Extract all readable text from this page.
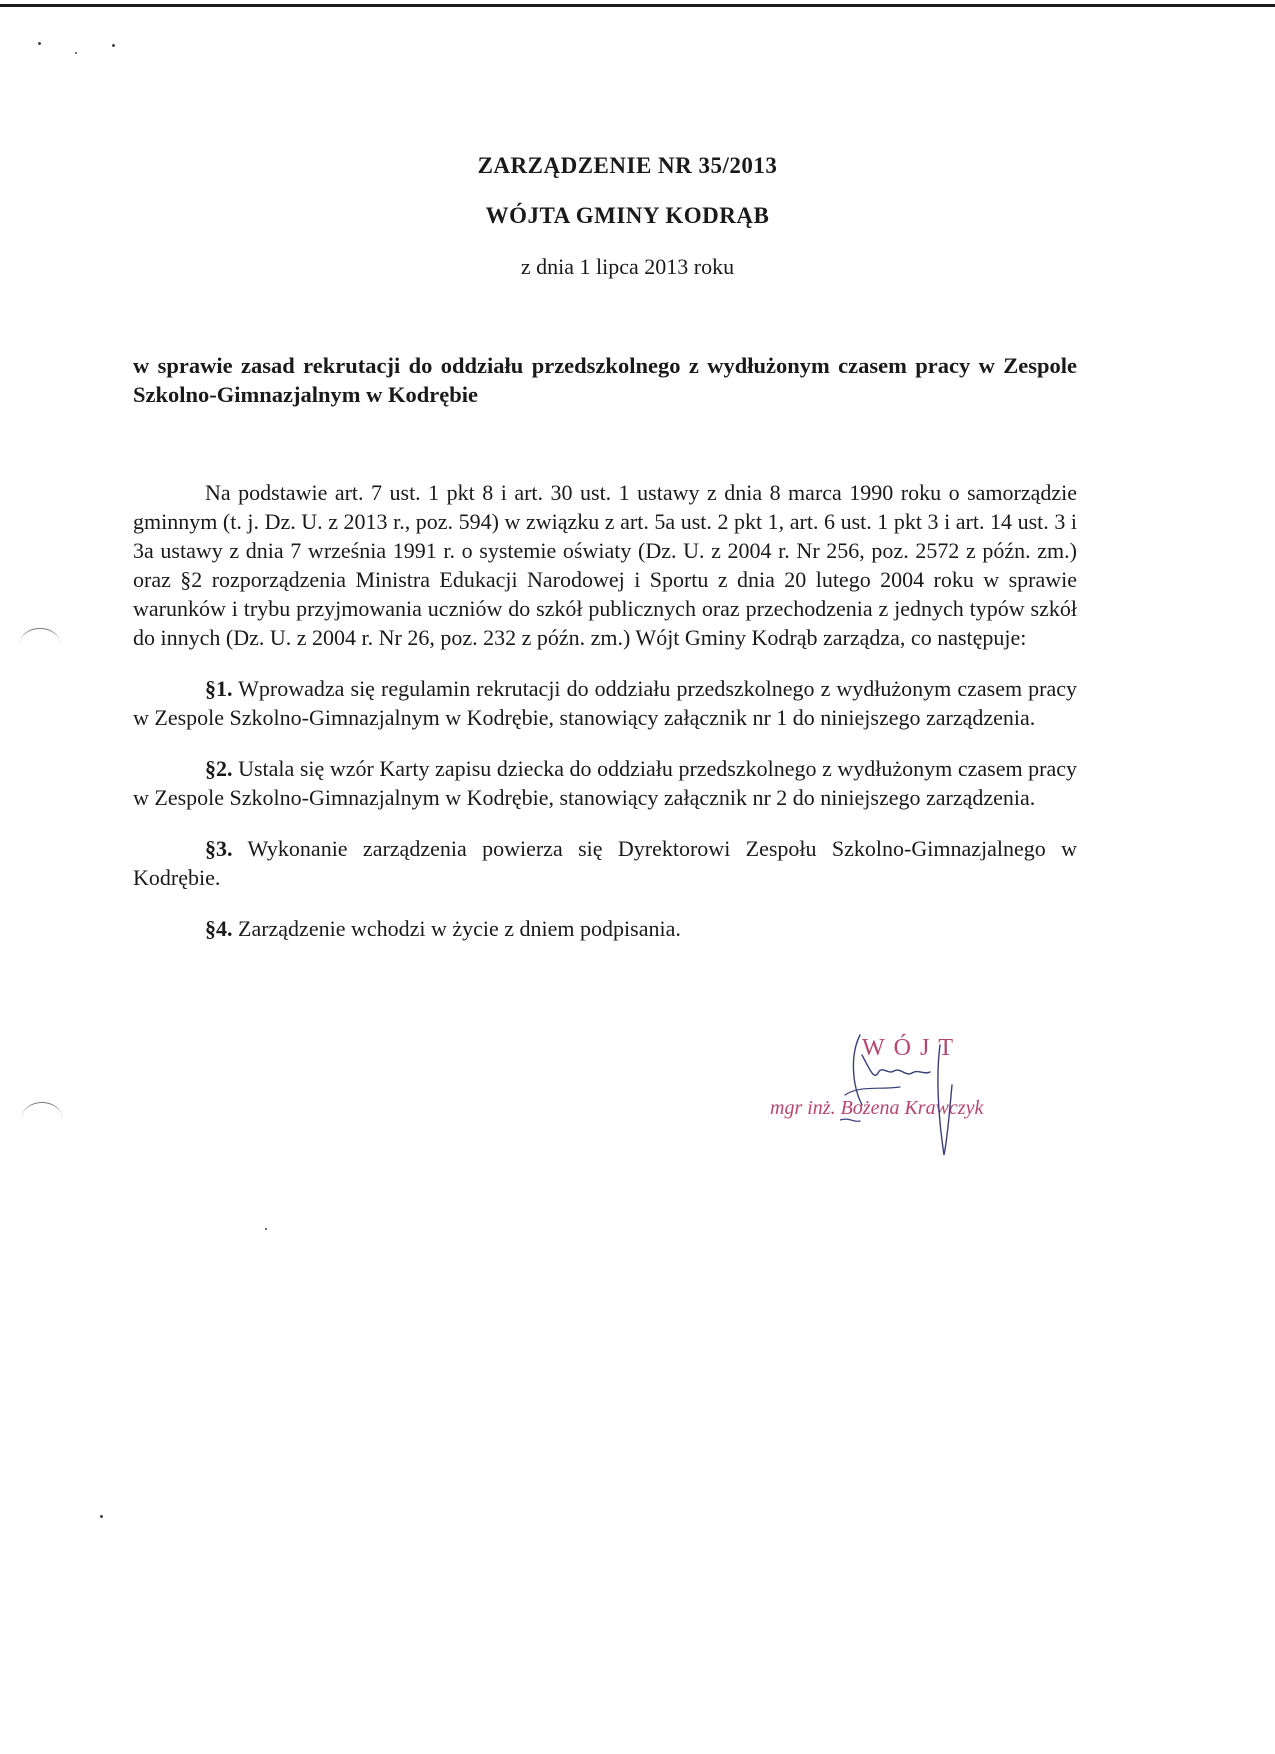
ZARZĄDZENIE NR 35/2013
WÓJTA GMINY KODRĄB
z dnia 1 lipca 2013 roku
w sprawie zasad rekrutacji do oddziału przedszkolnego z wydłużonym czasem pracy w Zespole Szkolno-Gimnazjalnym w Kodrębie

Na podstawie art. 7 ust. 1 pkt 8 i art. 30 ust. 1 ustawy z dnia 8 marca 1990 roku o samorządzie gminnym (t. j. Dz. U. z 2013 r., poz. 594) w związku z art. 5a ust. 2 pkt 1, art. 6 ust. 1 pkt 3 i art. 14 ust. 3 i 3a ustawy z dnia 7 września 1991 r. o systemie oświaty (Dz. U. z 2004 r. Nr 256, poz. 2572 z późn. zm.) oraz §2 rozporządzenia Ministra Edukacji Narodowej i Sportu z dnia 20 lutego 2004 roku w sprawie warunków i trybu przyjmowania uczniów do szkół publicznych oraz przechodzenia z jednych typów szkół do innych (Dz. U. z 2004 r. Nr 26, poz. 232 z późn. zm.) Wójt Gminy Kodrąb zarządza, co następuje:

§1. Wprowadza się regulamin rekrutacji do oddziału przedszkolnego z wydłużonym czasem pracy w Zespole Szkolno-Gimnazjalnym w Kodrębie, stanowiący załącznik nr 1 do niniejszego zarządzenia.

§2. Ustala się wzór Karty zapisu dziecka do oddziału przedszkolnego z wydłużonym czasem pracy w Zespole Szkolno-Gimnazjalnym w Kodrębie, stanowiący załącznik nr 2 do niniejszego zarządzenia.

§3. Wykonanie zarządzenia powierza się Dyrektorowi Zespołu Szkolno-Gimnazjalnego w Kodrębie.

§4. Zarządzenie wchodzi w życie z dniem podpisania.

WÓJT
mgr inż. Bożena Krawczyk
